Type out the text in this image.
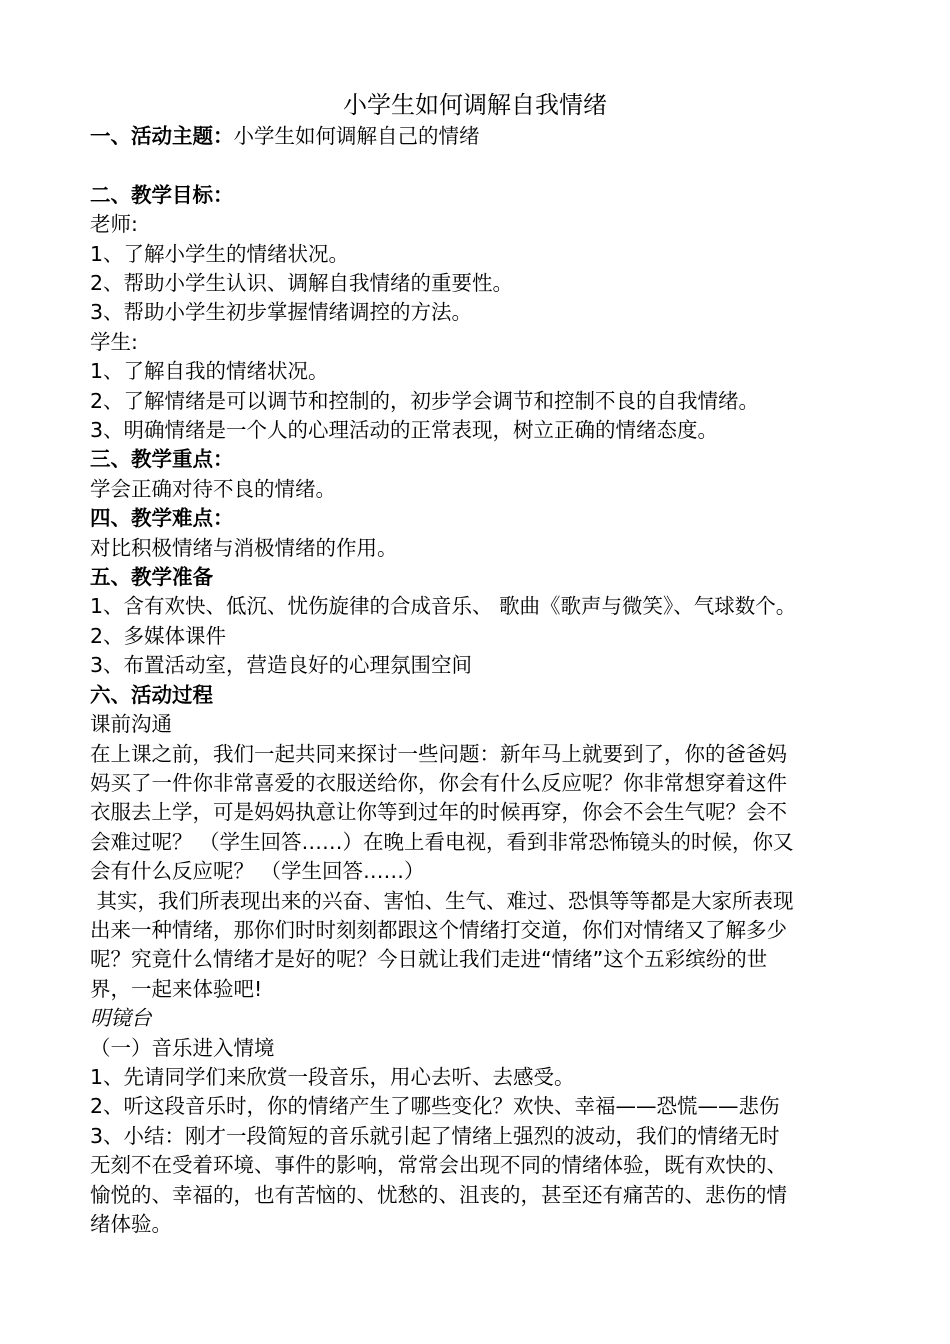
小学生如何调解自我情绪
一、活动主题：小学生如何调解自己的情绪
二、教学目标：
老师:
1、了解小学生的情绪状况。
2、帮助小学生认识、调解自我情绪的重要性。
3、帮助小学生初步掌握情绪调控的方法。
学生:
1、了解自我的情绪状况。
2、了解情绪是可以调节和控制的，初步学会调节和控制不良的自我情绪。
3、明确情绪是一个人的心理活动的正常表现，树立正确的情绪态度。
三、教学重点：
学会正确对待不良的情绪。
四、教学难点：
对比积极情绪与消极情绪的作用。
五、教学准备
1、含有欢快、低沉、忧伤旋律的合成音乐、 歌曲《歌声与微笑》、气球数个。
2、多媒体课件
3、布置活动室，营造良好的心理氛围空间
六、活动过程
课前沟通
在上课之前，我们一起共同来探讨一些问题：新年马上就要到了，你的爸爸妈
妈买了一件你非常喜爱的衣服送给你，你会有什么反应呢？你非常想穿着这件
衣服去上学，可是妈妈执意让你等到过年的时候再穿，你会不会生气呢？会不
会难过呢？ （学生回答……）在晚上看电视，看到非常恐怖镜头的时候，你又
会有什么反应呢？ （学生回答……）
其实，我们所表现出来的兴奋、害怕、生气、难过、恐惧等等都是大家所表现
出来一种情绪，那你们时时刻刻都跟这个情绪打交道，你们对情绪又了解多少
呢？究竟什么情绪才是好的呢？今日就让我们走进“情绪”这个五彩缤纷的世
界，一起来体验吧!
明镜台
（一）音乐进入情境
1、先请同学们来欣赏一段音乐，用心去听、去感受。
2、听这段音乐时，你的情绪产生了哪些变化？欢快、幸福——恐慌——悲伤
3、小结：刚才一段简短的音乐就引起了情绪上强烈的波动，我们的情绪无时
无刻不在受着环境、事件的影响，常常会出现不同的情绪体验，既有欢快的、
愉悦的、幸福的，也有苦恼的、忧愁的、沮丧的，甚至还有痛苦的、悲伤的情
绪体验。
